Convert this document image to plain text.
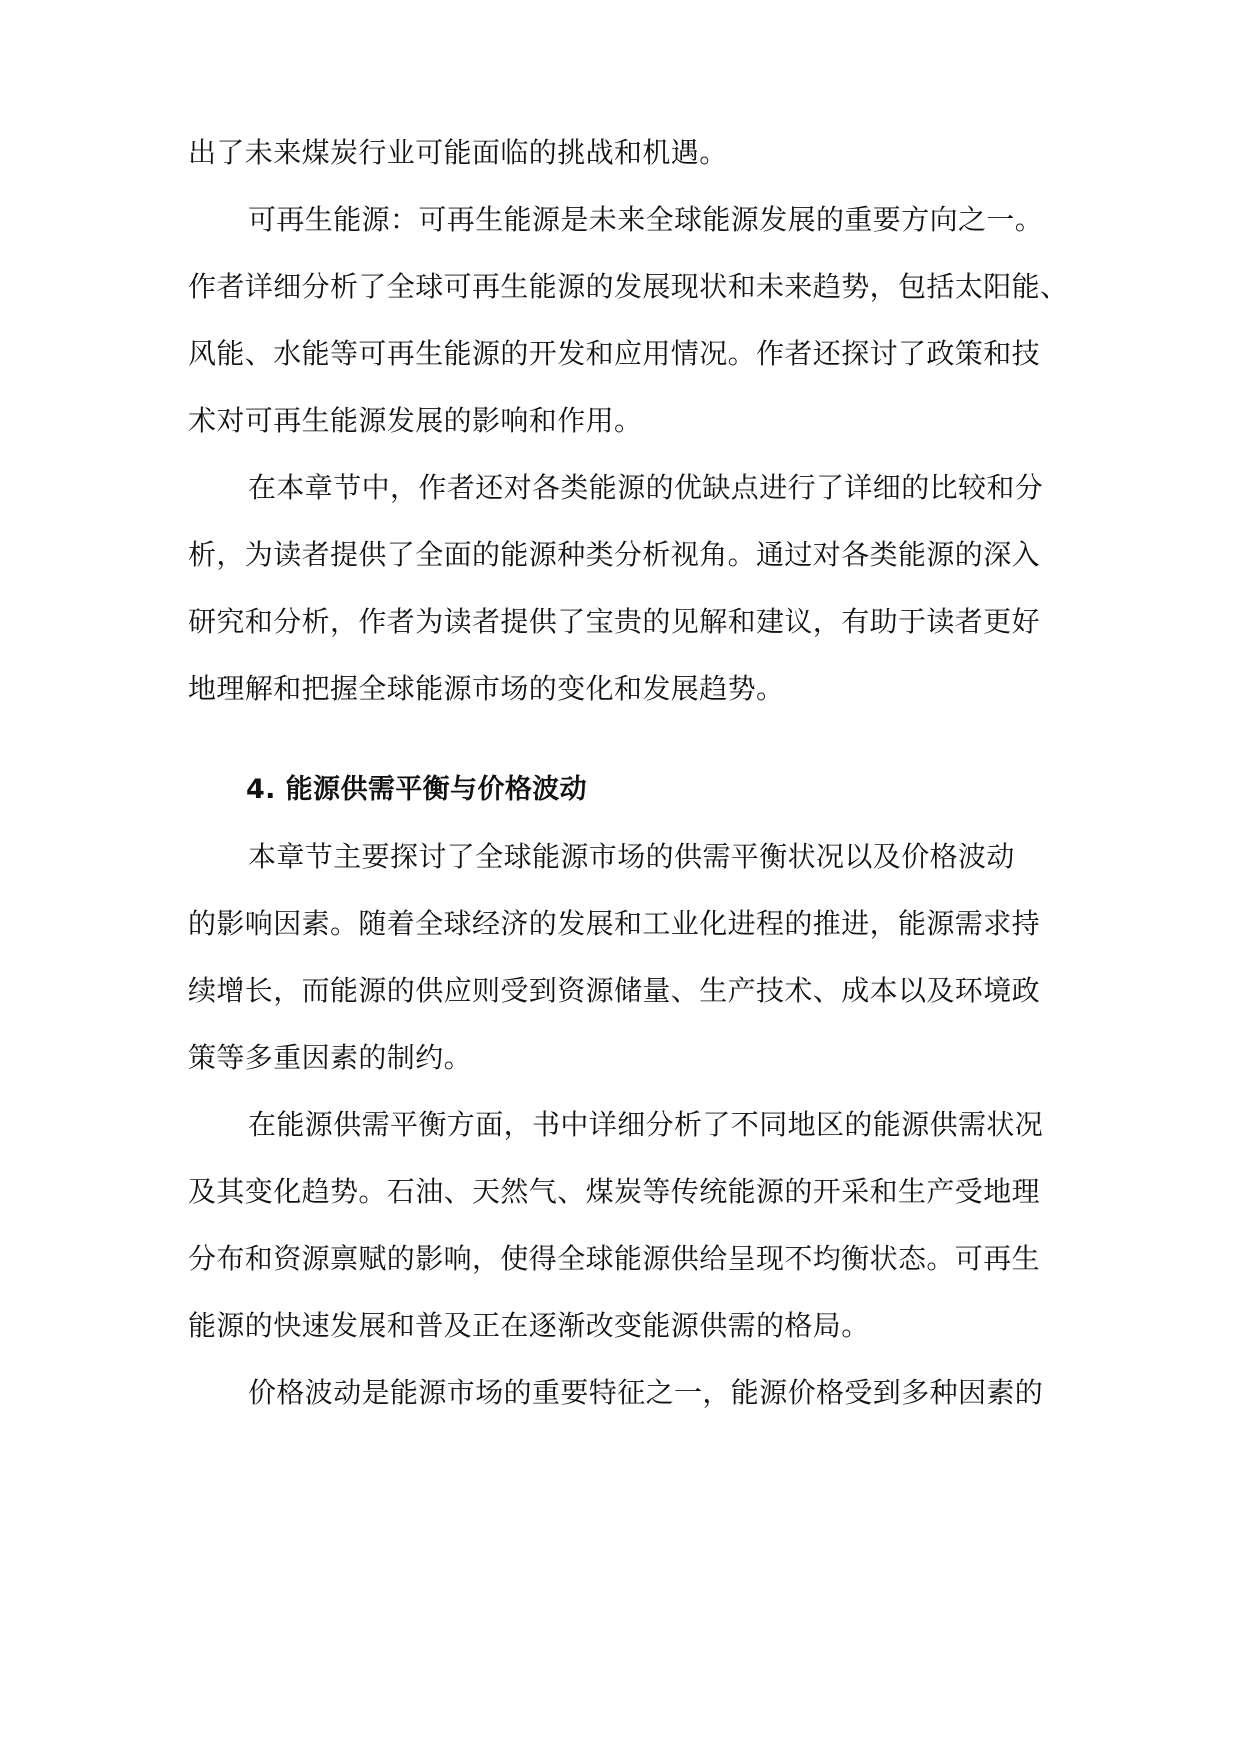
出了未来煤炭行业可能面临的挑战和机遇。
可再生能源：可再生能源是未来全球能源发展的重要方向之一。
作者详细分析了全球可再生能源的发展现状和未来趋势，包括太阳能、
风能、水能等可再生能源的开发和应用情况。作者还探讨了政策和技
术对可再生能源发展的影响和作用。
在本章节中，作者还对各类能源的优缺点进行了详细的比较和分
析，为读者提供了全面的能源种类分析视角。通过对各类能源的深入
研究和分析，作者为读者提供了宝贵的见解和建议，有助于读者更好
地理解和把握全球能源市场的变化和发展趋势。
4. 能源供需平衡与价格波动
本章节主要探讨了全球能源市场的供需平衡状况以及价格波动
的影响因素。随着全球经济的发展和工业化进程的推进，能源需求持
续增长，而能源的供应则受到资源储量、生产技术、成本以及环境政
策等多重因素的制约。
在能源供需平衡方面，书中详细分析了不同地区的能源供需状况
及其变化趋势。石油、天然气、煤炭等传统能源的开采和生产受地理
分布和资源禀赋的影响，使得全球能源供给呈现不均衡状态。可再生
能源的快速发展和普及正在逐渐改变能源供需的格局。
价格波动是能源市场的重要特征之一，能源价格受到多种因素的
